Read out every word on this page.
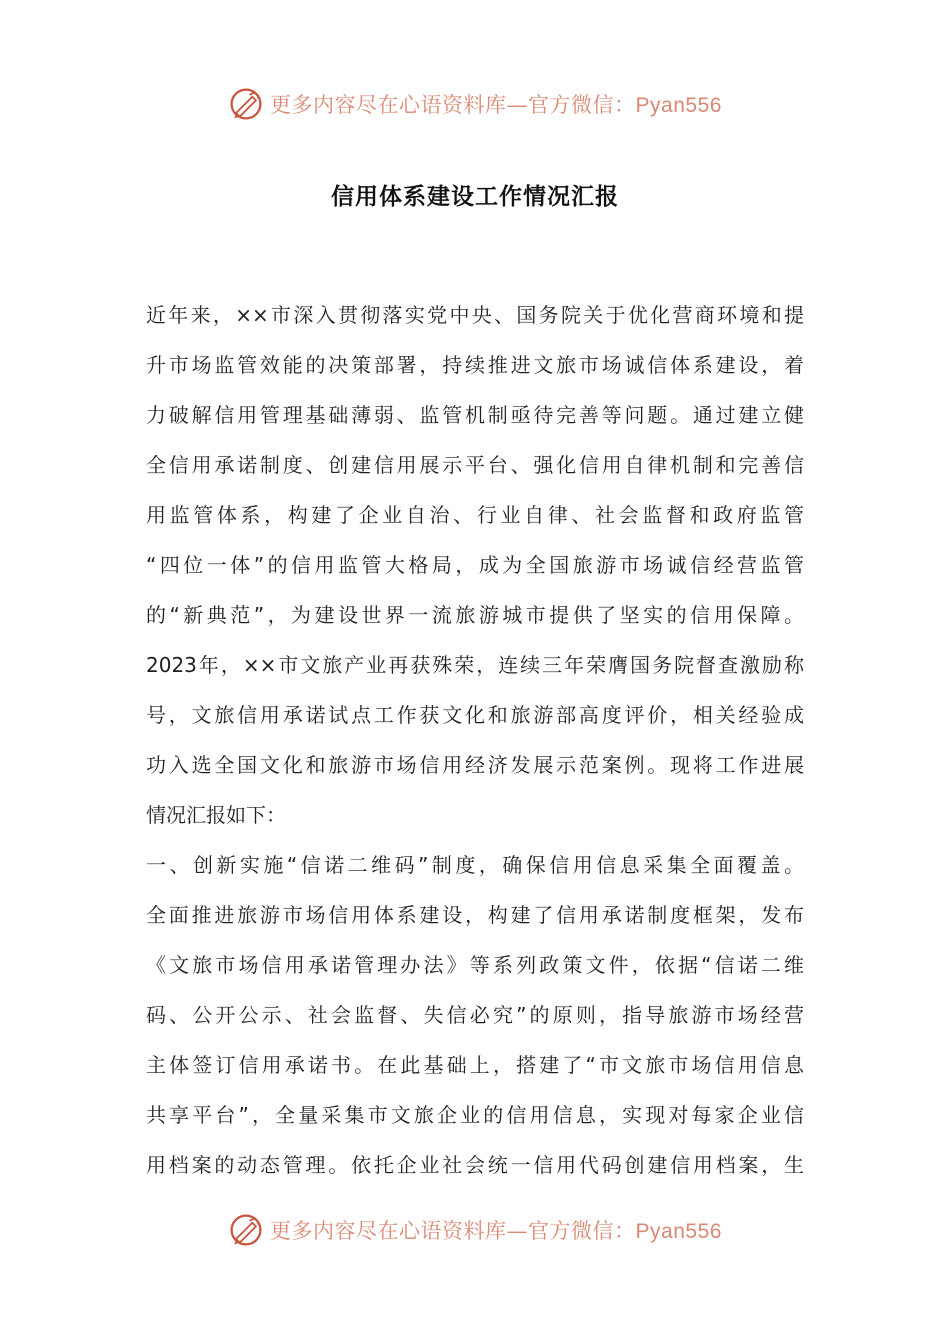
更多内容尽在心语资料库—官方微信：Pyan556
信用体系建设工作情况汇报
近年来，××市深入贯彻落实党中央、国务院关于优化营商环境和提
升市场监管效能的决策部署，持续推进文旅市场诚信体系建设，着
力破解信用管理基础薄弱、监管机制亟待完善等问题。通过建立健
全信用承诺制度、创建信用展示平台、强化信用自律机制和完善信
用监管体系，构建了企业自治、行业自律、社会监督和政府监管
“四位一体”的信用监管大格局，成为全国旅游市场诚信经营监管
的“新典范”，为建设世界一流旅游城市提供了坚实的信用保障。
2023年，××市文旅产业再获殊荣，连续三年荣膺国务院督查激励称
号，文旅信用承诺试点工作获文化和旅游部高度评价，相关经验成
功入选全国文化和旅游市场信用经济发展示范案例。现将工作进展
情况汇报如下：
一、创新实施“信诺二维码”制度，确保信用信息采集全面覆盖。
全面推进旅游市场信用体系建设，构建了信用承诺制度框架，发布
《文旅市场信用承诺管理办法》等系列政策文件，依据“信诺二维
码、公开公示、社会监督、失信必究”的原则，指导旅游市场经营
主体签订信用承诺书。在此基础上，搭建了“市文旅市场信用信息
共享平台”，全量采集市文旅企业的信用信息，实现对每家企业信
用档案的动态管理。依托企业社会统一信用代码创建信用档案，生
更多内容尽在心语资料库—官方微信：Pyan556
